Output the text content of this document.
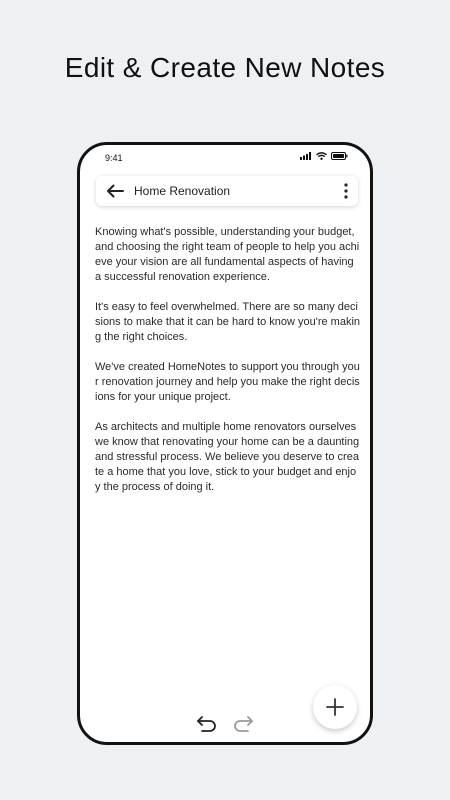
Edit & Create New Notes
9:41
Home Renovation

Knowing what's possible, understanding your budget, and choosing the right team of people to help you achieve your vision are all fundamental aspects of having a successful renovation experience.

It's easy to feel overwhelmed. There are so many decisions to make that it can be hard to know you're making the right choices.

We've created HomeNotes to support you through your renovation journey and help you make the right decisions for your unique project.

As architects and multiple home renovators ourselves we know that renovating your home can be a daunting and stressful process. We believe you deserve to create a home that you love, stick to your budget and enjoy the process of doing it.
